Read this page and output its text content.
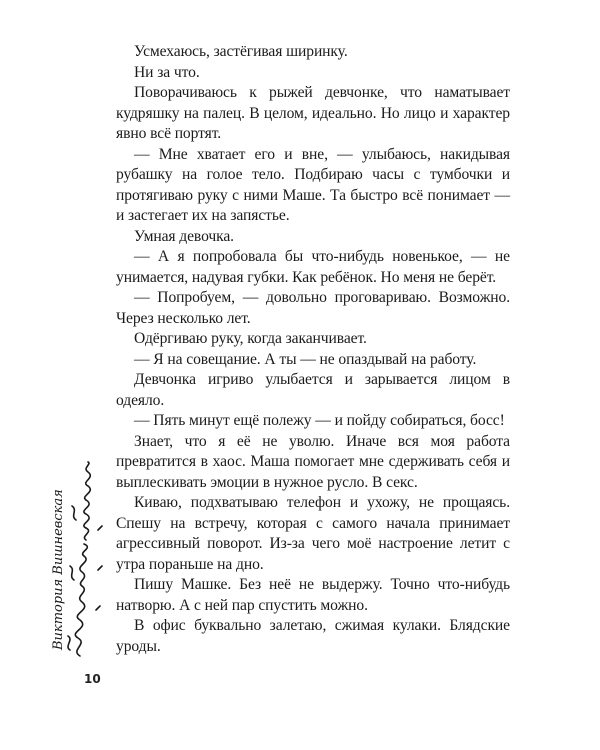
Усмехаюсь, застёгивая ширинку.

Ни за что.

Поворачиваюсь к рыжей девчонке, что наматывает кудряшку на палец. В целом, идеально. Но лицо и характер явно всё портят.

— Мне хватает его и вне, — улыбаюсь, накидывая рубашку на голое тело. Подбираю часы с тумбочки и протягиваю руку с ними Маше. Та быстро всё понимает — и застегает их на запястье.

Умная девочка.

— А я попробовала бы что-нибудь новенькое, — не унимается, надувая губки. Как ребёнок. Но меня не берёт.

— Попробуем, — довольно проговариваю. Возможно. Через несколько лет.

Одёргиваю руку, когда заканчивает.

— Я на совещание. А ты — не опаздывай на работу.

Девчонка игриво улыбается и зарывается лицом в одеяло.

— Пять минут ещё полежу — и пойду собираться, босс!

Знает, что я её не уволю. Иначе вся моя работа превратится в хаос. Маша помогает мне сдерживать себя и выплескивать эмоции в нужное русло. В секс.

Киваю, подхватываю телефон и ухожу, не прощаясь. Спешу на встречу, которая с самого начала принимает агрессивный поворот. Из-за чего моё настроение летит с утра пораньше на дно.

Пишу Машке. Без неё не выдержу. Точно что-нибудь натворю. А с ней пар спустить можно.

В офис буквально залетаю, сжимая кулаки. Блядские уроды.

Виктория Вишневская
10
